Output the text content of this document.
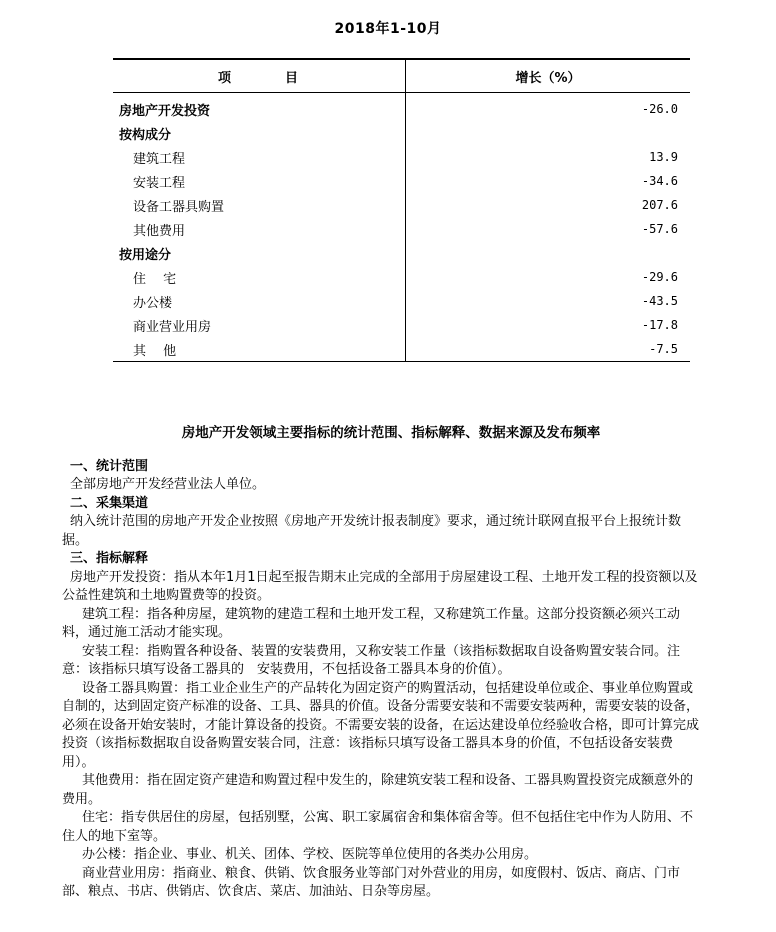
2018年1-10月
项 目	增长（%）
房地产开发投资	-26.0
按构成分	
建筑工程	13.9
安装工程	-34.6
设备工器具购置	207.6
其他费用	-57.6
按用途分	
住　 宅	-29.6
办公楼	-43.5
商业营业用房	-17.8
其　 他	-7.5
房地产开发领域主要指标的统计范围、指标解释、数据来源及发布频率
一、统计范围
全部房地产开发经营业法人单位。
二、采集渠道
纳入统计范围的房地产开发企业按照《房地产开发统计报表制度》要求，通过统计联网直报平台上报统计数据。
三、指标解释
房地产开发投资：指从本年1月1日起至报告期末止完成的全部用于房屋建设工程、土地开发工程的投资额以及公益性建筑和土地购置费等的投资。
建筑工程：指各种房屋，建筑物的建造工程和土地开发工程，又称建筑工作量。这部分投资额必须兴工动料，通过施工活动才能实现。
安装工程：指购置各种设备、装置的安装费用，又称安装工作量（该指标数据取自设备购置安装合同。注意：该指标只填写设备工器具的　安装费用，不包括设备工器具本身的价值）。
设备工器具购置：指工业企业生产的产品转化为固定资产的购置活动，包括建设单位或企、事业单位购置或自制的，达到固定资产标准的设备、工具、器具的价值。设备分需要安装和不需要安装两种，需要安装的设备，必须在设备开始安装时，才能计算设备的投资。不需要安装的设备，在运达建设单位经验收合格，即可计算完成投资（该指标数据取自设备购置安装合同，注意：该指标只填写设备工器具本身的价值，不包括设备安装费用）。
其他费用：指在固定资产建造和购置过程中发生的，除建筑安装工程和设备、工器具购置投资完成额意外的费用。
住宅：指专供居住的房屋，包括别墅，公寓、职工家属宿舍和集体宿舍等。但不包括住宅中作为人防用、不住人的地下室等。
办公楼：指企业、事业、机关、团体、学校、医院等单位使用的各类办公用房。
商业营业用房：指商业、粮食、供销、饮食服务业等部门对外营业的用房，如度假村、饭店、商店、门市部、粮点、书店、供销店、饮食店、菜店、加油站、日杂等房屋。
